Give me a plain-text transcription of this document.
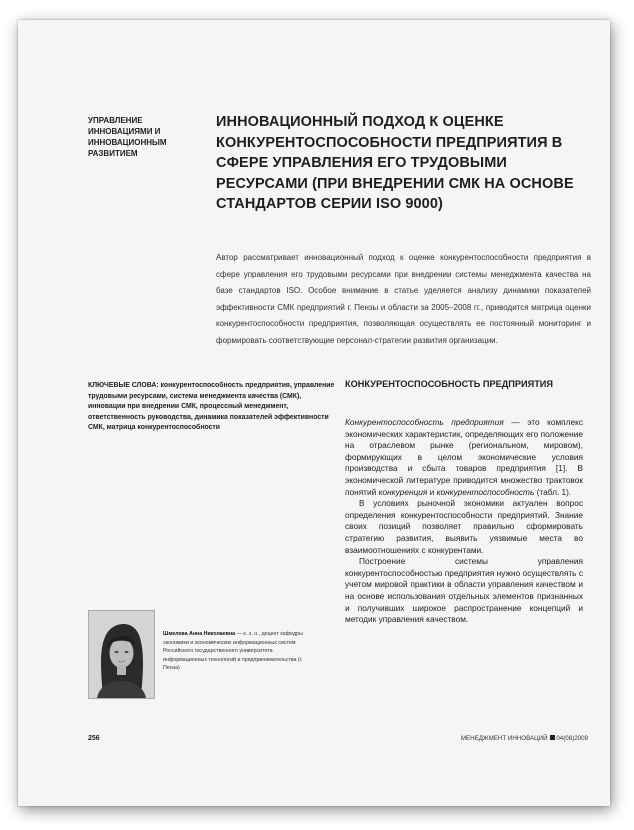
УПРАВЛЕНИЕ ИННОВАЦИЯМИ И ИННОВАЦИОННЫМ РАЗВИТИЕМ
ИННОВАЦИОННЫЙ ПОДХОД К ОЦЕНКЕ КОНКУРЕНТОСПОСОБНОСТИ ПРЕДПРИЯТИЯ В СФЕРЕ УПРАВЛЕНИЯ ЕГО ТРУДОВЫМИ РЕСУРСАМИ (ПРИ ВНЕДРЕНИИ СМК НА ОСНОВЕ СТАНДАРТОВ СЕРИИ ISO 9000)
Автор рассматривает инновационный подход к оценке конкурентоспособности предприятия в сфере управления его трудовыми ресурсами при внедрении системы менеджмента качества на базе стандартов ISO. Особое внимание в статье уделяется анализу динамики показателей эффективности СМК предприятий г. Пензы и области за 2005–2008 гг., приводится матрица оценки конкурентоспособности предприятия, позволяющая осуществлять ее постоянный мониторинг и формировать соответствующие персонал-стратегии развития организации.
КЛЮЧЕВЫЕ СЛОВА: конкурентоспособность предприятия, управление трудовыми ресурсами, система менеджмента качества (СМК), инновации при внедрении СМК, процессный менеджмент, ответственность руководства, динамика показателей эффективности СМК, матрица конкурентоспособности
КОНКУРЕНТОСПОСОБНОСТЬ ПРЕДПРИЯТИЯ

Конкурентоспособность предприятия — это комплекс экономических характеристик, определяющих его положение на отраслевом рынке (региональном, мировом), формирующих в целом экономические условия производства и сбыта товаров предприятия [1]. В экономической литературе приводится множество трактовок понятий конкуренция и конкурентоспособность (табл. 1).

В условиях рыночной экономики актуален вопрос определения конкурентоспособности предприятий. Знание своих позиций позволяет правильно сформировать стратегию развития, выявить уязвимые места во взаимоотношениях с конкурентами.

Построение системы управления конкурентоспособностью предприятия нужно осуществлять с учетом мировой практики в области управления качеством и на основе использования отдельных элементов признанных и получивших широкое распространение концепций и методик управления качеством.

Шмелева Анна Николаевна — к. э. н., доцент кафедры экономики и экономических информационных систем Российского государственного университета информационных технологий и предпринимательства (г. Пенза)
256	МЕНЕДЖМЕНТ ИННОВАЦИЙ 04(08)2009
